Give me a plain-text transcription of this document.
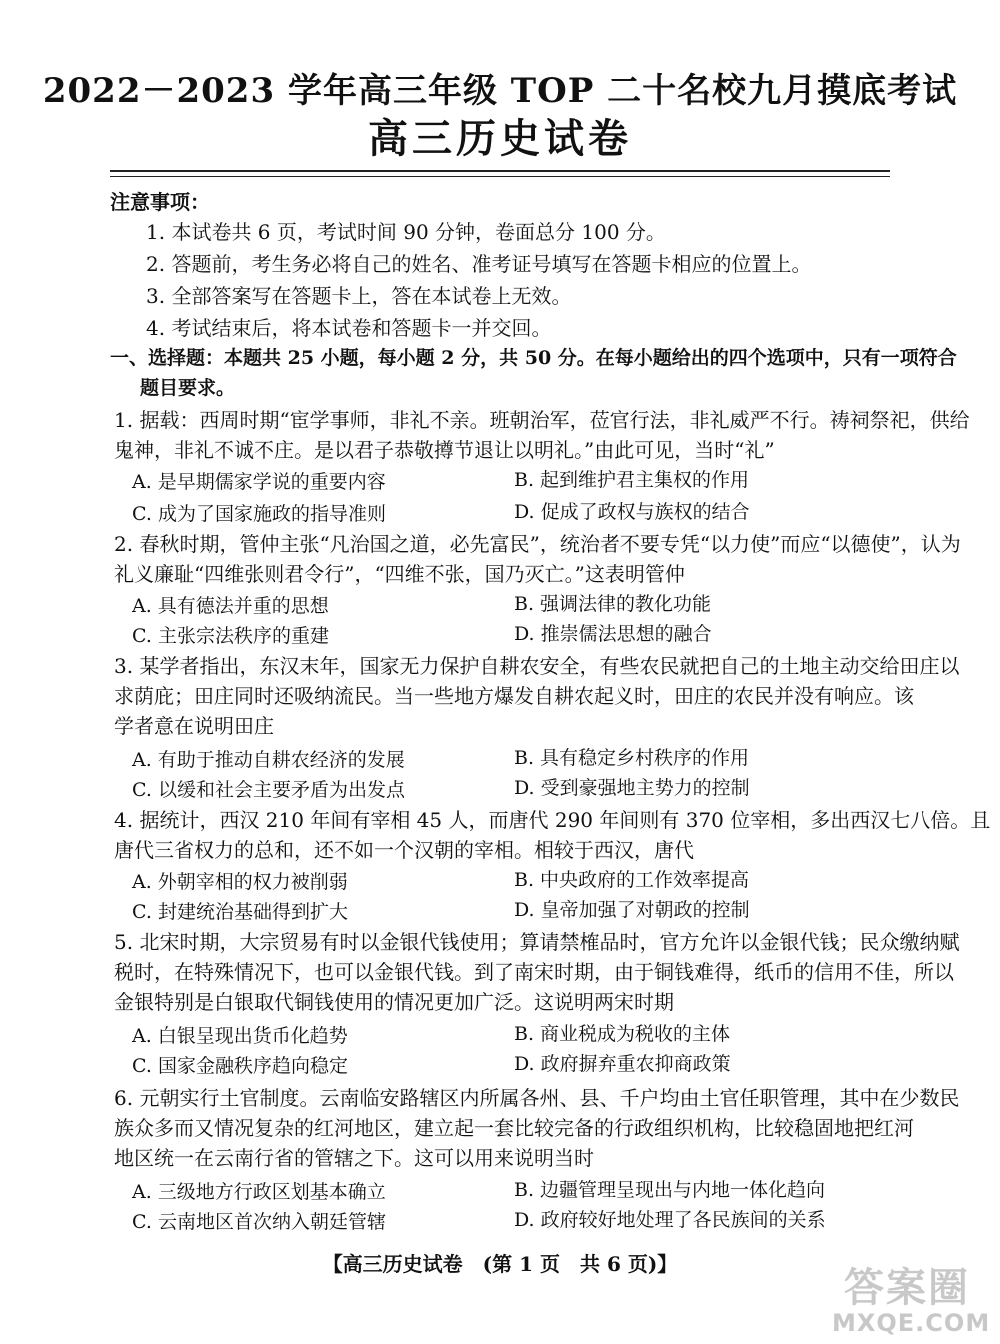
2022－2023 学年高三年级 TOP 二十名校九月摸底考试
高三历史试卷
注意事项：
1. 本试卷共 6 页，考试时间 90 分钟，卷面总分 100 分。
2. 答题前，考生务必将自己的姓名、准考证号填写在答题卡相应的位置上。
3. 全部答案写在答题卡上，答在本试卷上无效。
4. 考试结束后，将本试卷和答题卡一并交回。
一、选择题：本题共 25 小题，每小题 2 分，共 50 分。在每小题给出的四个选项中，只有一项符合
题目要求。
1. 据载：西周时期“宦学事师，非礼不亲。班朝治军，莅官行法，非礼威严不行。祷祠祭祀，供给
鬼神，非礼不诚不庄。是以君子恭敬撙节退让以明礼。”由此可见，当时“礼”
A. 是早期儒家学说的重要内容	B. 起到维护君主集权的作用
C. 成为了国家施政的指导准则	D. 促成了政权与族权的结合
2. 春秋时期，管仲主张“凡治国之道，必先富民”，统治者不要专凭“以力使”而应“以德使”，认为
礼义廉耻“四维张则君令行”，“四维不张，国乃灭亡。”这表明管仲
A. 具有德法并重的思想	B. 强调法律的教化功能
C. 主张宗法秩序的重建	D. 推崇儒法思想的融合
3. 某学者指出，东汉末年，国家无力保护自耕农安全，有些农民就把自己的土地主动交给田庄以
求荫庇；田庄同时还吸纳流民。当一些地方爆发自耕农起义时，田庄的农民并没有响应。该
学者意在说明田庄
A. 有助于推动自耕农经济的发展	B. 具有稳定乡村秩序的作用
C. 以缓和社会主要矛盾为出发点	D. 受到豪强地主势力的控制
4. 据统计，西汉 210 年间有宰相 45 人，而唐代 290 年间则有 370 位宰相，多出西汉七八倍。且
唐代三省权力的总和，还不如一个汉朝的宰相。相较于西汉，唐代
A. 外朝宰相的权力被削弱	B. 中央政府的工作效率提高
C. 封建统治基础得到扩大	D. 皇帝加强了对朝政的控制
5. 北宋时期，大宗贸易有时以金银代钱使用；算请禁榷品时，官方允许以金银代钱；民众缴纳赋
税时，在特殊情况下，也可以金银代钱。到了南宋时期，由于铜钱难得，纸币的信用不佳，所以
金银特别是白银取代铜钱使用的情况更加广泛。这说明两宋时期
A. 白银呈现出货币化趋势	B. 商业税成为税收的主体
C. 国家金融秩序趋向稳定	D. 政府摒弃重农抑商政策
6. 元朝实行土官制度。云南临安路辖区内所属各州、县、千户均由土官任职管理，其中在少数民
族众多而又情况复杂的红河地区，建立起一套比较完备的行政组织机构，比较稳固地把红河
地区统一在云南行省的管辖之下。这可以用来说明当时
A. 三级地方行政区划基本确立	B. 边疆管理呈现出与内地一体化趋向
C. 云南地区首次纳入朝廷管辖	D. 政府较好地处理了各民族间的关系
【高三历史试卷　(第 1 页　共 6 页)】
答案圈
MXQE.COM
